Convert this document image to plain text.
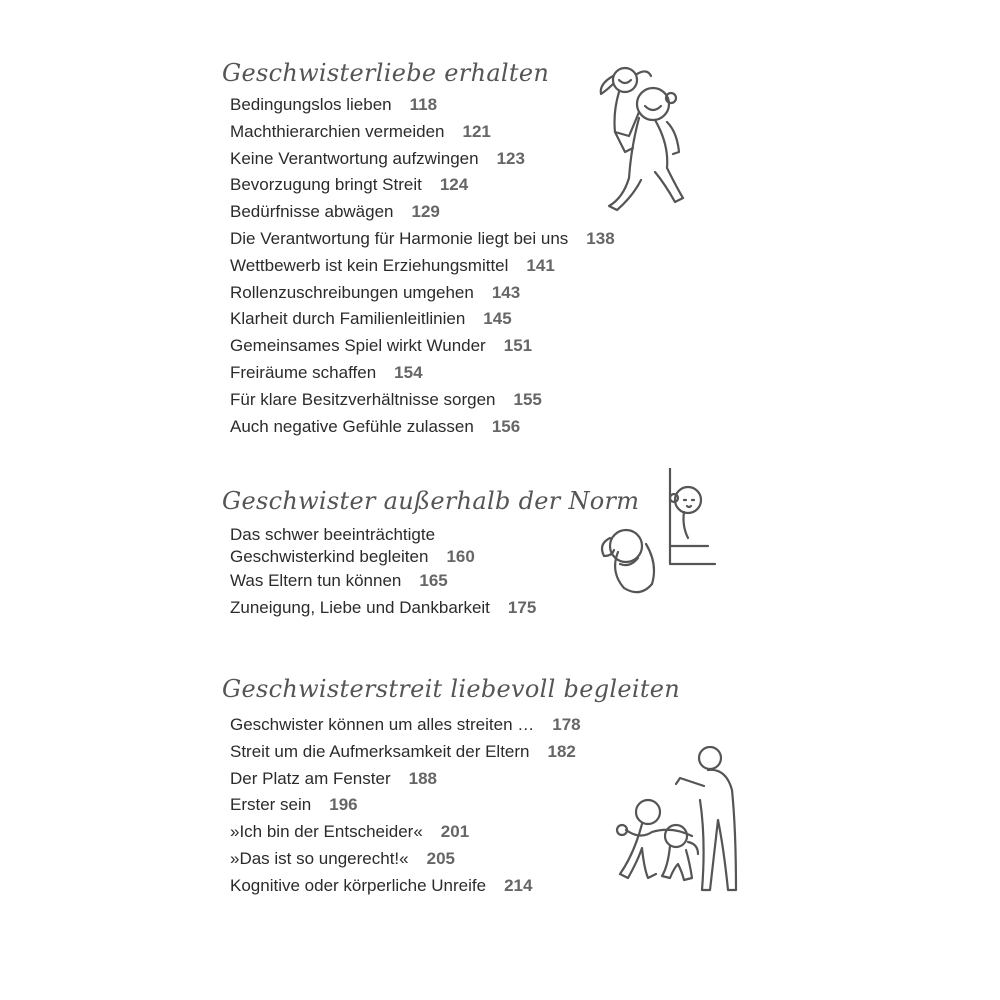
Geschwisterliebe erhalten
Bedingungslos lieben 118
Machthierarchien vermeiden 121
Keine Verantwortung aufzwingen 123
Bevorzugung bringt Streit 124
Bedürfnisse abwägen 129
Die Verantwortung für Harmonie liegt bei uns 138
Wettbewerb ist kein Erziehungsmittel 141
Rollenzuschreibungen umgehen 143
Klarheit durch Familienleitlinien 145
Gemeinsames Spiel wirkt Wunder 151
Freiräume schaffen 154
Für klare Besitzverhältnisse sorgen 155
Auch negative Gefühle zulassen 156
Geschwister außerhalb der Norm
Das schwer beeinträchtigte
Geschwisterkind begleiten 160
Was Eltern tun können 165
Zuneigung, Liebe und Dankbarkeit 175
Geschwisterstreit liebevoll begleiten
Geschwister können um alles streiten … 178
Streit um die Aufmerksamkeit der Eltern 182
Der Platz am Fenster 188
Erster sein 196
»Ich bin der Entscheider« 201
»Das ist so ungerecht!« 205
Kognitive oder körperliche Unreife 214
